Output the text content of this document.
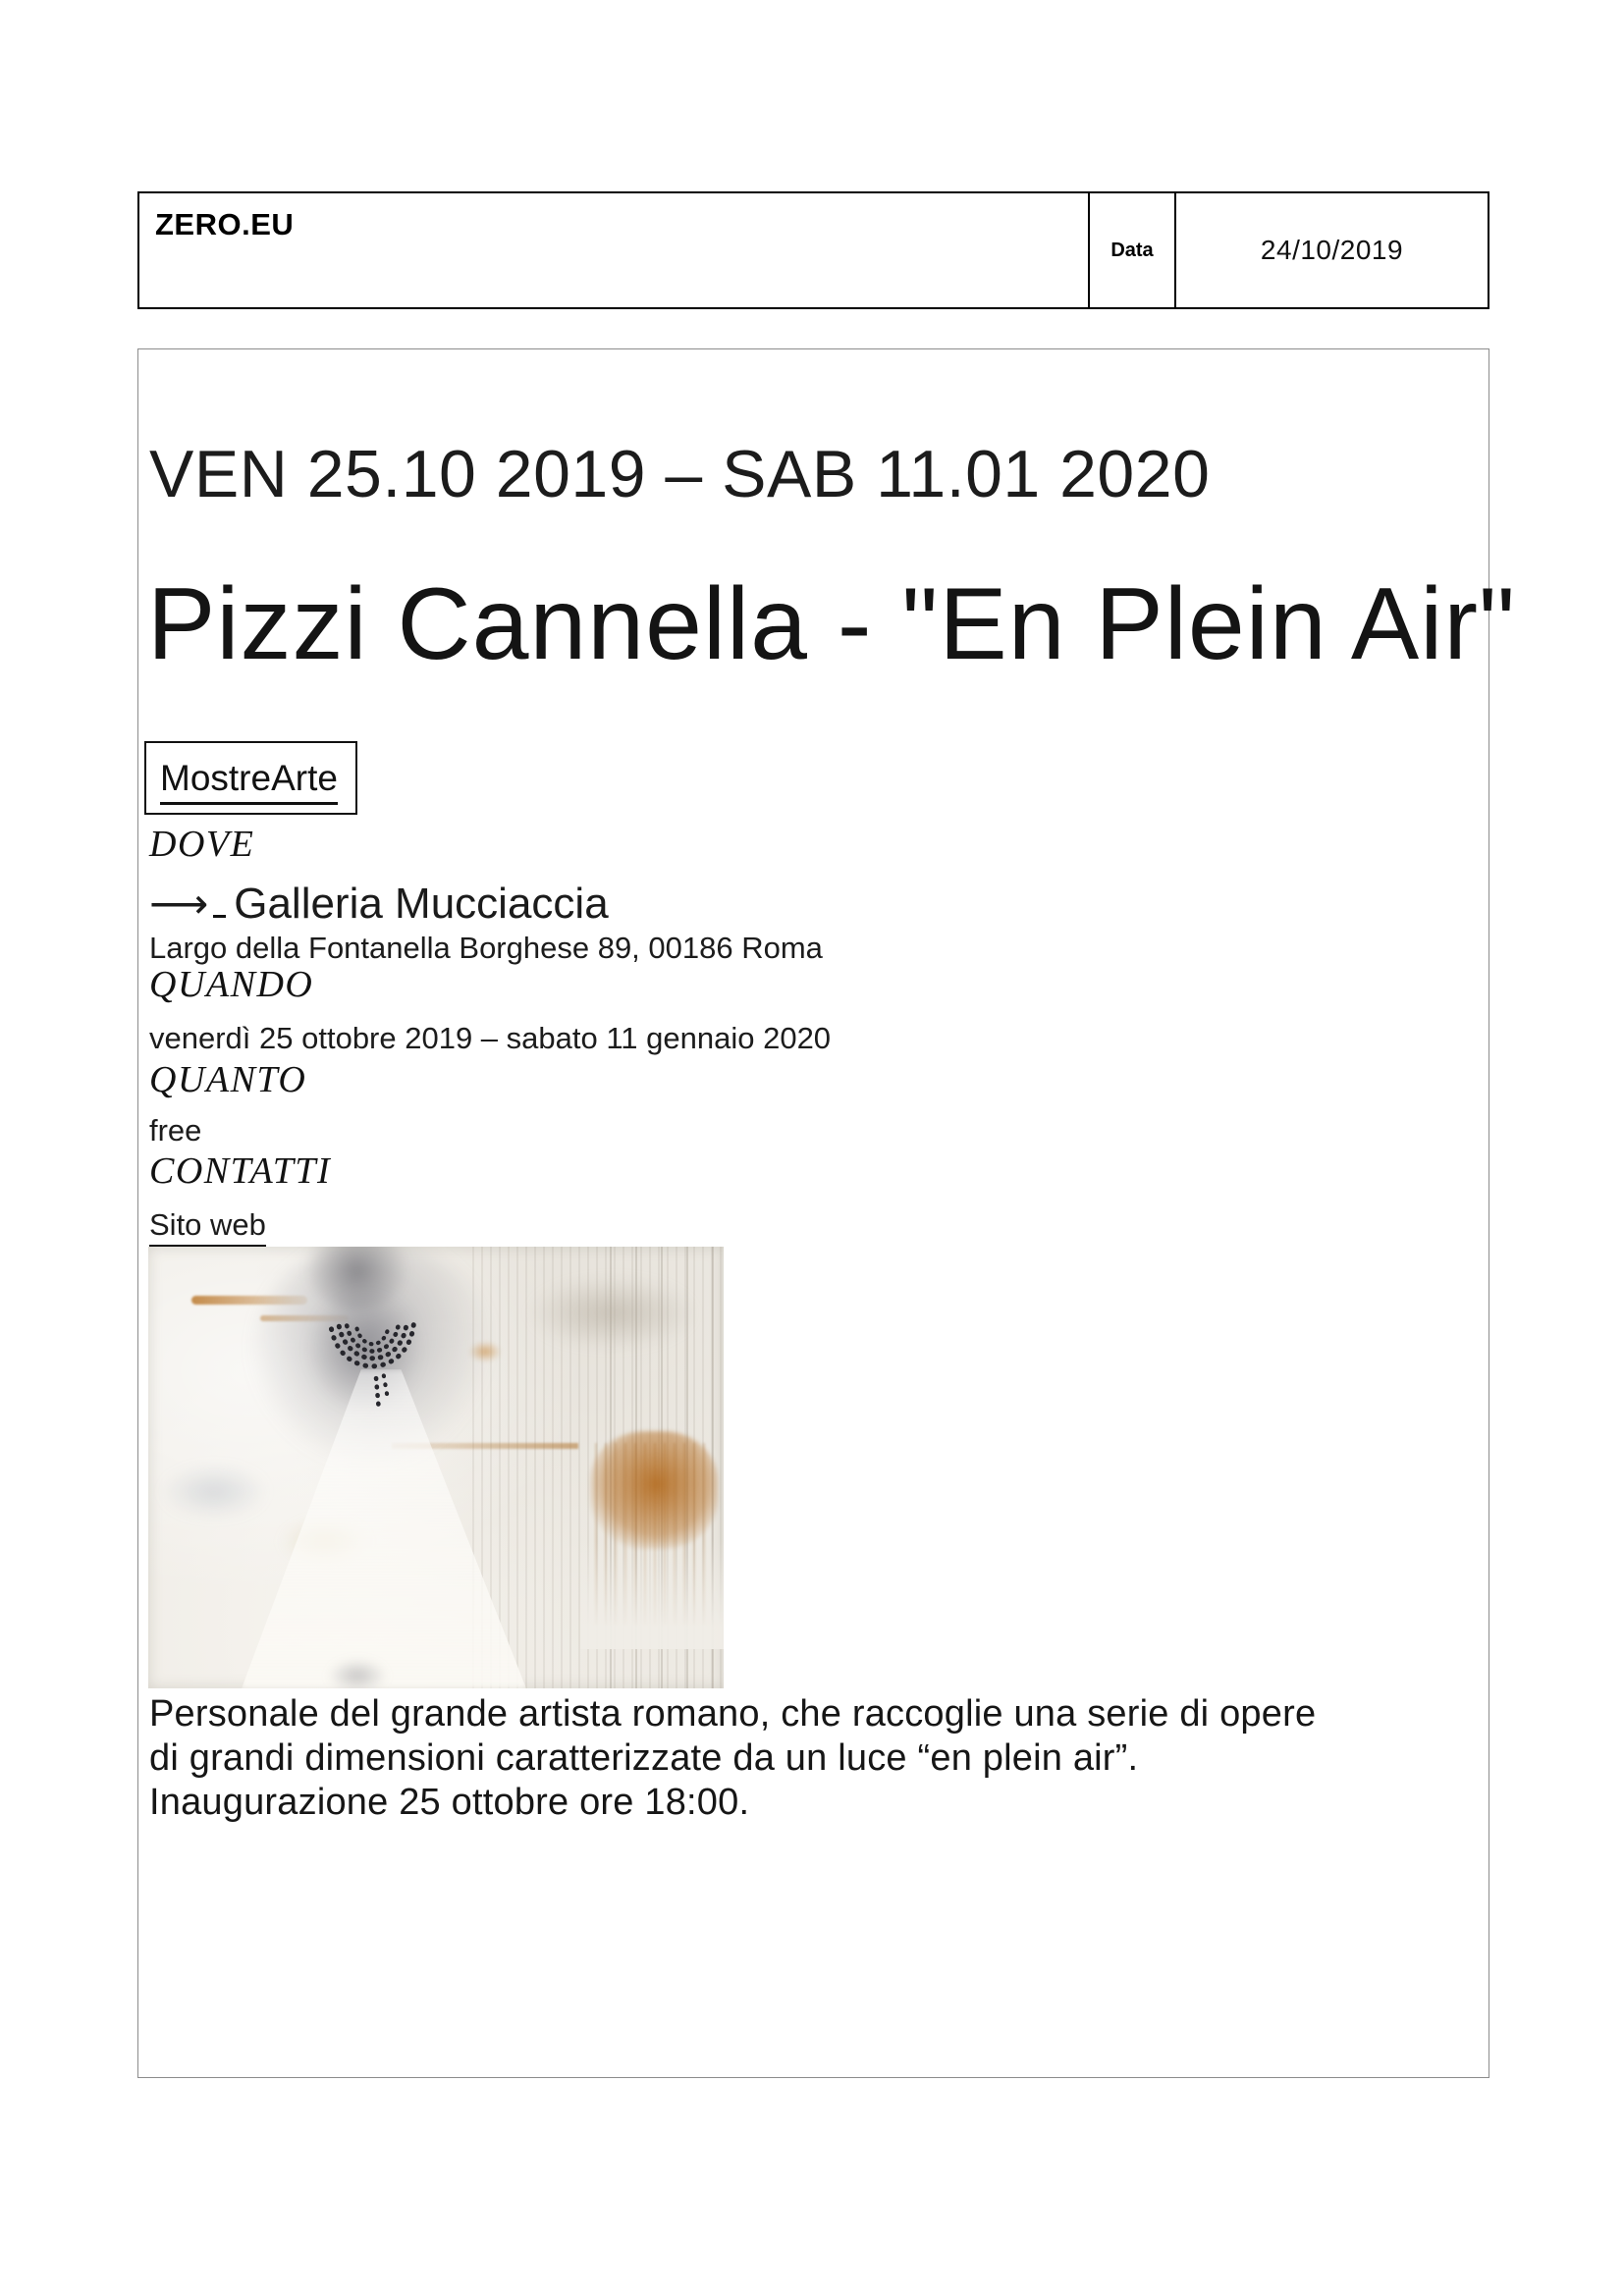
ZERO.EU
Data	24/10/2019
VEN 25.10 2019 – SAB 11.01 2020
Pizzi Cannella - "En Plein Air"
MostreArte
DOVE
⟶ Galleria Mucciaccia
Largo della Fontanella Borghese 89, 00186 Roma
QUANDO
venerdì 25 ottobre 2019 – sabato 11 gennaio 2020
QUANTO
free
CONTATTI
Sito web
Personale del grande artista romano, che raccoglie una serie di opere
di grandi dimensioni caratterizzate da un luce “en plein air”.
Inaugurazione 25 ottobre ore 18:00.
